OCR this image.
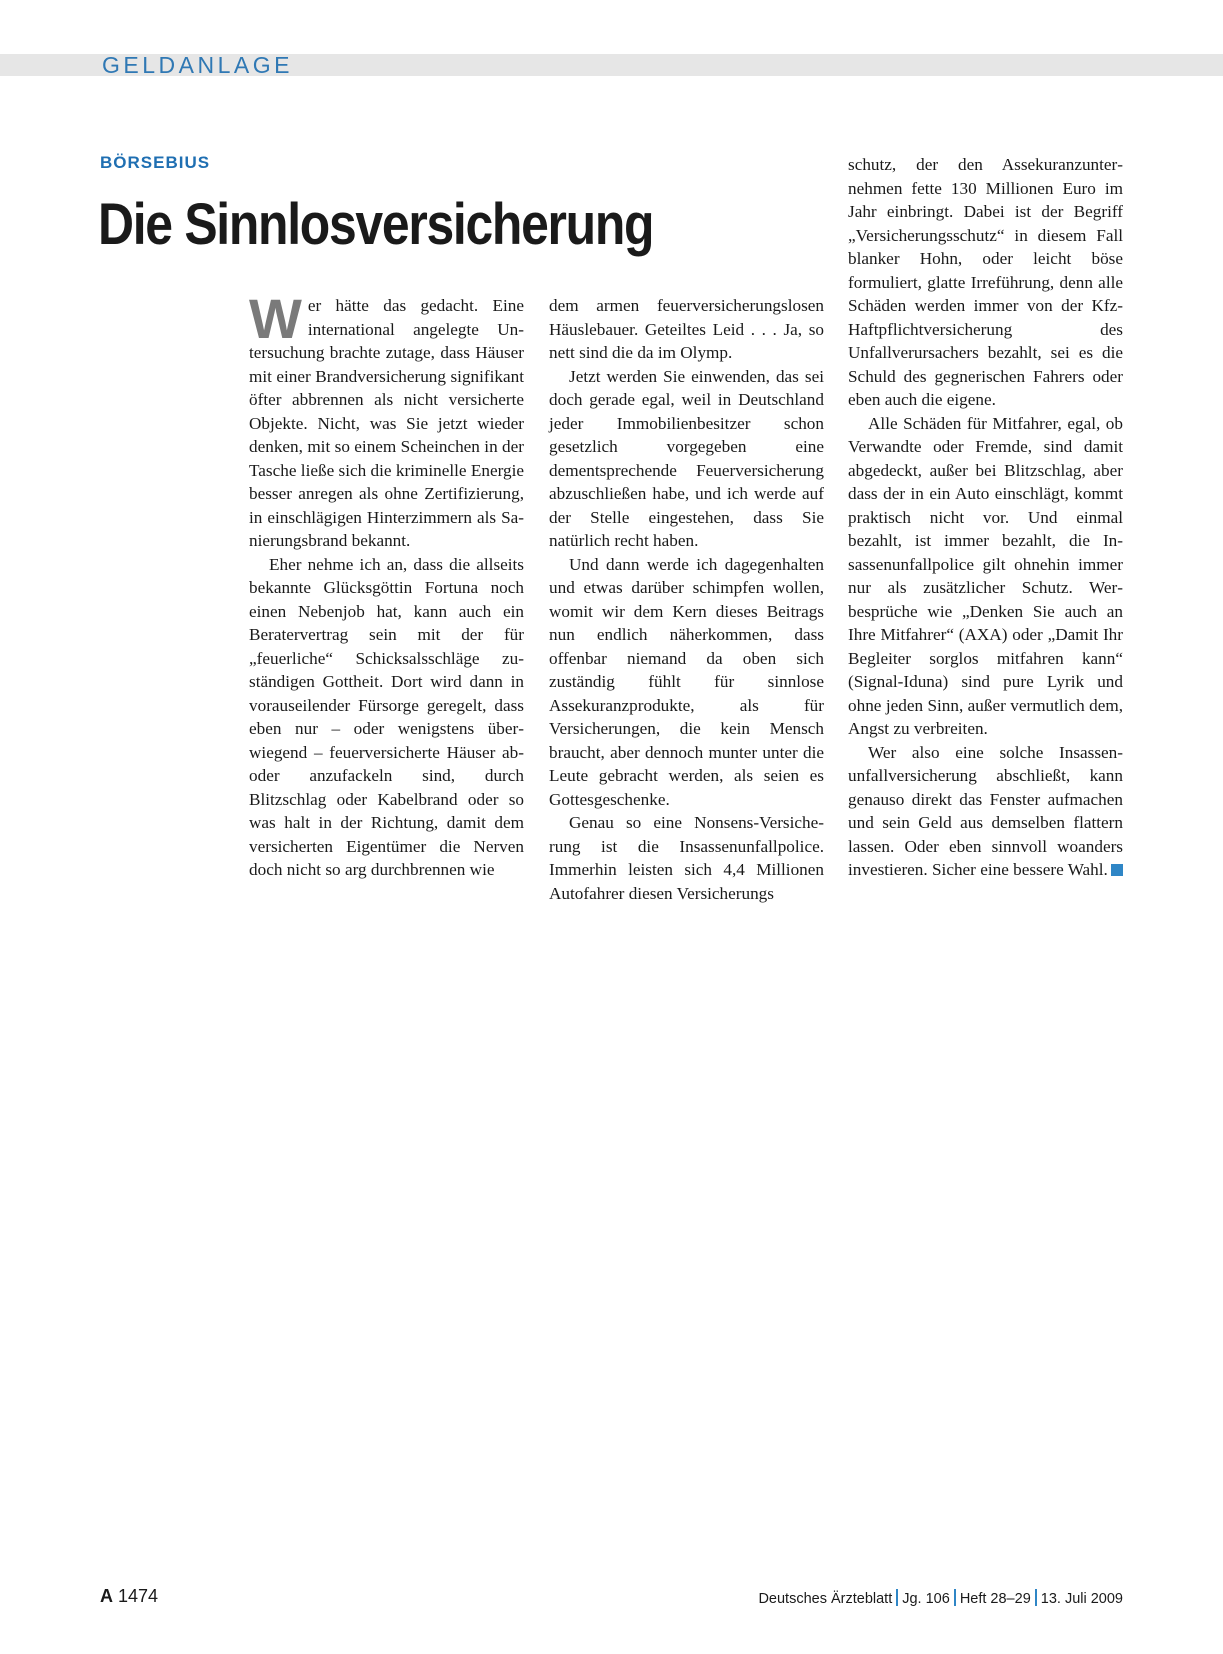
GELDANLAGE
BÖRSEBIUS
Die Sinnlosversicherung

Wer hätte das gedacht. Eine international angelegte Untersuchung brachte zutage, dass Häuser mit einer Brandversicherung signifikant öfter abbrennen als nicht versicherte Objekte. Nicht, was Sie jetzt wieder denken, mit so einem Scheinchen in der Tasche ließe sich die kriminelle Energie besser anregen als ohne Zertifizierung, in einschlägigen Hinterzimmern als Sanierungsbrand bekannt.

Eher nehme ich an, dass die allseits bekannte Glücksgöttin Fortuna noch einen Nebenjob hat, kann auch ein Beratervertrag sein mit der für „feuerliche“ Schicksalsschläge zuständigen Gottheit. Dort wird dann in vorauseilender Fürsorge geregelt, dass eben nur – oder wenigstens überwiegend – feuerversicherte Häuser ab- oder anzufackeln sind, durch Blitzschlag oder Kabelbrand oder so was halt in der Richtung, damit dem versicherten Eigentümer die Nerven doch nicht so arg durchbrennen wie

dem armen feuerversicherungslosen Häuslebauer. Geteiltes Leid . . . Ja, so nett sind die da im Olymp.

Jetzt werden Sie einwenden, das sei doch gerade egal, weil in Deutschland jeder Immobilienbesitzer schon gesetzlich vorgegeben eine dementsprechende Feuerversicherung abzuschließen habe, und ich werde auf der Stelle eingestehen, dass Sie natürlich recht haben.

Und dann werde ich dagegenhalten und etwas darüber schimpfen wollen, womit wir dem Kern dieses Beitrags nun endlich näherkommen, dass offenbar niemand da oben sich zuständig fühlt für sinnlose Assekuranzprodukte, als für Versicherungen, die kein Mensch braucht, aber dennoch munter unter die Leute gebracht werden, als seien es Gottesgeschenke.

Genau so eine Nonsens-Versicherung ist die Insassenunfallpolice. Immerhin leisten sich 4,4 Millionen Autofahrer diesen Versicherungs

schutz, der den Assekuranzunternehmen fette 130 Millionen Euro im Jahr einbringt. Dabei ist der Begriff „Versicherungsschutz“ in diesem Fall blanker Hohn, oder leicht böse formuliert, glatte Irreführung, denn alle Schäden werden immer von der Kfz-Haftpflichtversicherung des Unfallverursachers bezahlt, sei es die Schuld des gegnerischen Fahrers oder eben auch die eigene.

Alle Schäden für Mitfahrer, egal, ob Verwandte oder Fremde, sind damit abgedeckt, außer bei Blitzschlag, aber dass der in ein Auto einschlägt, kommt praktisch nicht vor. Und einmal bezahlt, ist immer bezahlt, die Insassenunfallpolice gilt ohnehin immer nur als zusätzlicher Schutz. Werbesprüche wie „Denken Sie auch an Ihre Mitfahrer“ (AXA) oder „Damit Ihr Begleiter sorglos mitfahren kann“ (Signal-Iduna) sind pure Lyrik und ohne jeden Sinn, außer vermutlich dem, Angst zu verbreiten.

Wer also eine solche Insassenunfallversicherung abschließt, kann genauso direkt das Fenster aufmachen und sein Geld aus demselben flattern lassen. Oder eben sinnvoll woanders investieren. Sicher eine bessere Wahl.

A 1474	Deutsches Ärzteblatt Jg. 106 Heft 28–29 13. Juli 2009
